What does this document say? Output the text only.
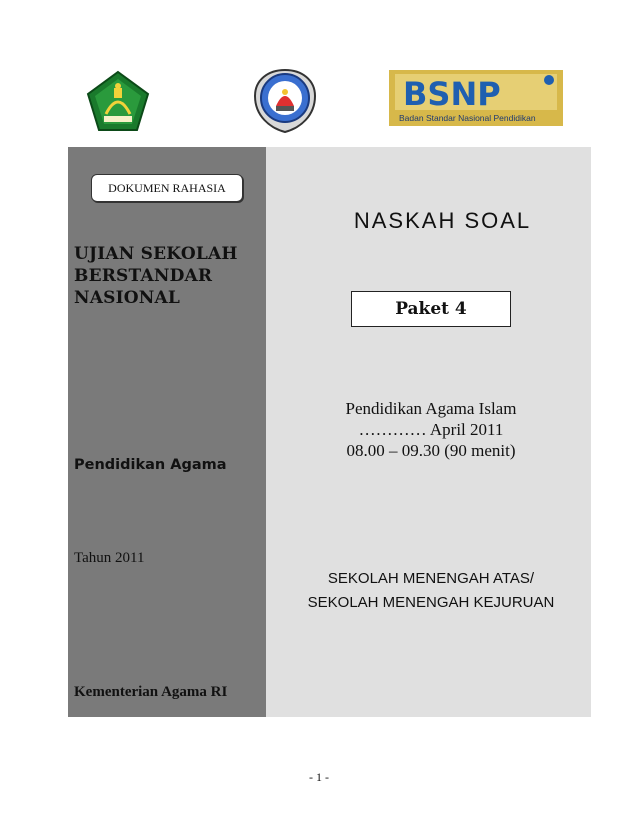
BSNP
Badan Standar Nasional Pendidikan
DOKUMEN RAHASIA
UJIAN SEKOLAH
BERSTANDAR
NASIONAL
Pendidikan Agama
Tahun 2011
Kementerian Agama RI
NASKAH SOAL
Paket 4
Pendidikan Agama Islam
………… April 2011
08.00 – 09.30 (90 menit)
SEKOLAH MENENGAH ATAS/
SEKOLAH MENENGAH KEJURUAN
- 1 -
